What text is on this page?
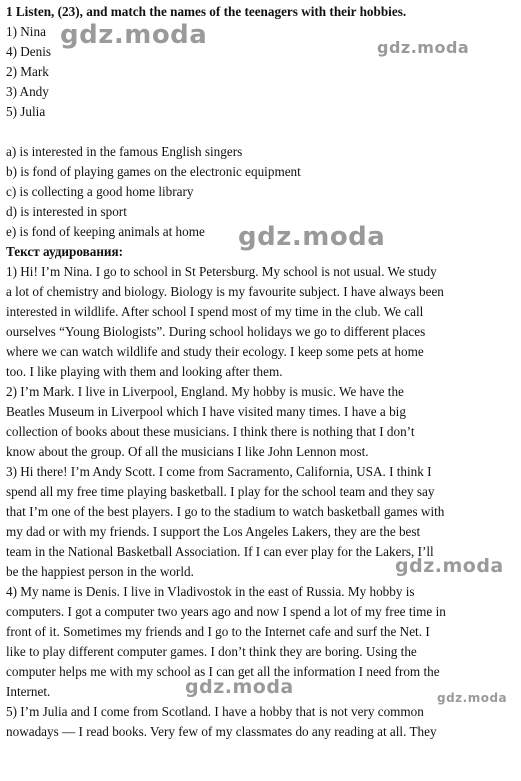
1 Listen, (23), and match the names of the teenagers with their hobbies.
1) Nina
4) Denis
2) Mark
3) Andy
5) Julia
a) is interested in the famous English singers
b) is fond of playing games on the electronic equipment
c) is collecting a good home library
d) is interested in sport
e) is fond of keeping animals at home
Текст аудирования:
1) Hi! I’m Nina. I go to school in St Petersburg. My school is not usual. We study
a lot of chemistry and biology. Biology is my favourite subject. I have always been
interested in wildlife. After school I spend most of my time in the club. We call
ourselves “Young Biologists”. During school holidays we go to different places
where we can watch wildlife and study their ecology. I keep some pets at home
too. I like playing with them and looking after them.
2) I’m Mark. I live in Liverpool, England. My hobby is music. We have the
Beatles Museum in Liverpool which I have visited many times. I have a big
collection of books about these musicians. I think there is nothing that I don’t
know about the group. Of all the musicians I like John Lennon most.
3) Hi there! I’m Andy Scott. I come from Sacramento, California, USA. I think I
spend all my free time playing basketball. I play for the school team and they say
that I’m one of the best players. I go to the stadium to watch basketball games with
my dad or with my friends. I support the Los Angeles Lakers, they are the best
team in the National Basketball Association. If I can ever play for the Lakers, I’ll
be the happiest person in the world.
4) My name is Denis. I live in Vladivostok in the east of Russia. My hobby is
computers. I got a computer two years ago and now I spend a lot of my free time in
front of it. Sometimes my friends and I go to the Internet cafe and surf the Net. I
like to play different computer games. I don’t think they are boring. Using the
computer helps me with my school as I can get all the information I need from the
Internet.
5) I’m Julia and I come from Scotland. I have a hobby that is not very common
nowadays — I read books. Very few of my classmates do any reading at all. They
gdz.moda	gdz.moda
gdz.moda
gdz.moda
gdz.moda	gdz.moda
